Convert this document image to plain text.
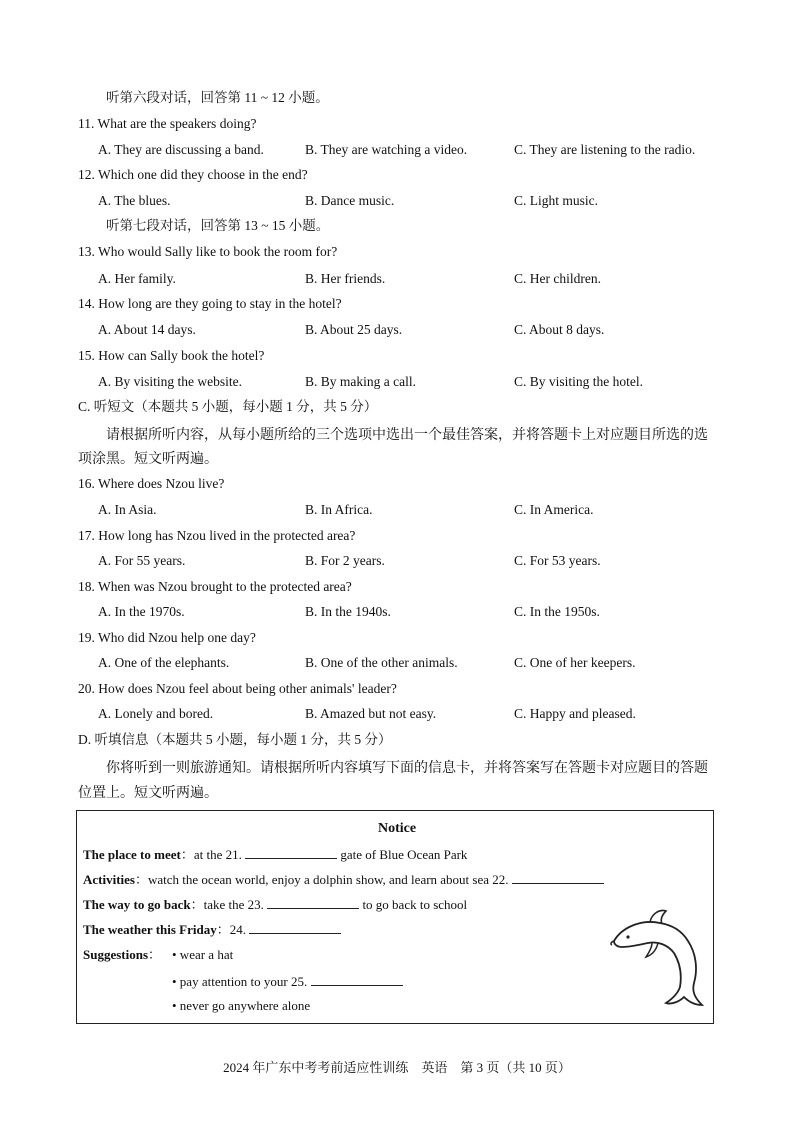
听第六段对话，回答第 11 ~ 12 小题。
11. What are the speakers doing?
A. They are discussing a band.	B. They are watching a video.	C. They are listening to the radio.
12. Which one did they choose in the end?
A. The blues.	B. Dance music.	C. Light music.
听第七段对话，回答第 13 ~ 15 小题。
13. Who would Sally like to book the room for?
A. Her family.	B. Her friends.	C. Her children.
14. How long are they going to stay in the hotel?
A. About 14 days.	B. About 25 days.	C. About 8 days.
15. How can Sally book the hotel?
A. By visiting the website.	B. By making a call.	C. By visiting the hotel.
C. 听短文（本题共 5 小题，每小题 1 分，共 5 分）
请根据所听内容，从每小题所给的三个选项中选出一个最佳答案，并将答题卡上对应题目所选的选项涂黑。短文听两遍。
16. Where does Nzou live?
A. In Asia.	B. In Africa.	C. In America.
17. How long has Nzou lived in the protected area?
A. For 55 years.	B. For 2 years.	C. For 53 years.
18. When was Nzou brought to the protected area?
A. In the 1970s.	B. In the 1940s.	C. In the 1950s.
19. Who did Nzou help one day?
A. One of the elephants.	B. One of the other animals.	C. One of her keepers.
20. How does Nzou feel about being other animals' leader?
A. Lonely and bored.	B. Amazed but not easy.	C. Happy and pleased.
D. 听填信息（本题共 5 小题，每小题 1 分，共 5 分）
你将听到一则旅游通知。请根据所听内容填写下面的信息卡，并将答案写在答题卡对应题目的答题位置上。短文听两遍。
Notice
The place to meet：at the 21.	gate of Blue Ocean Park
Activities：watch the ocean world, enjoy a dolphin show, and learn about sea 22.
The way to go back：take the 23.	to go back to school
The weather this Friday：24.
Suggestions： • wear a hat
• pay attention to your 25.
• never go anywhere alone
2024 年广东中考考前适应性训练　英语　第 3 页（共 10 页）
